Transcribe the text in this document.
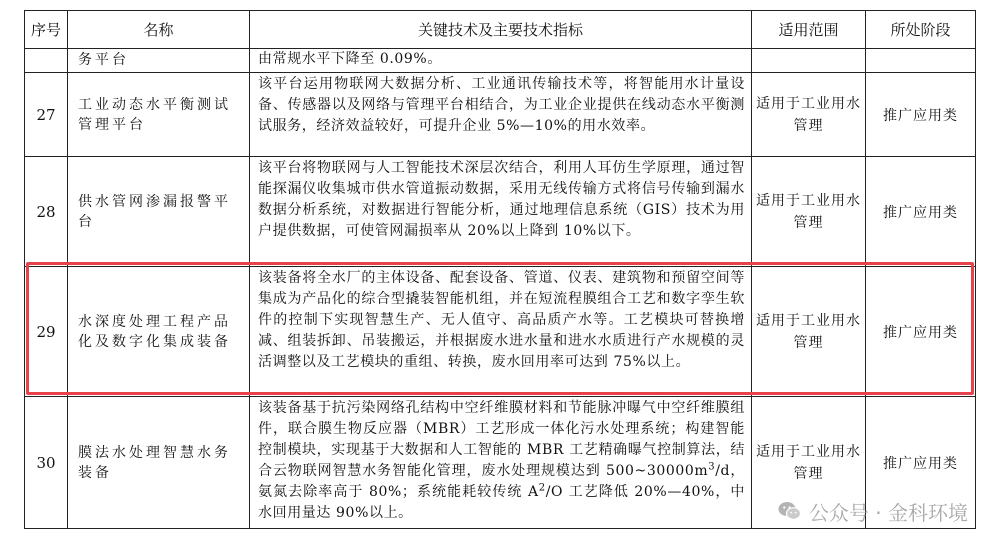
序号	名称	关键技术及主要技术指标	适用范围	所处阶段
	务平台	由常规水平下降至 0.09%。		
27	工业动态水平衡测试管理平台	该平台运用物联网大数据分析、工业通讯传输技术等，将智能用水计量设备、传感器以及网络与管理平台相结合，为工业企业提供在线动态水平衡测试服务，经济效益较好，可提升企业 5%—10%的用水效率。	适用于工业用水管理	推广应用类
28	供水管网渗漏报警平台	该平台将物联网与人工智能技术深层次结合，利用人耳仿生学原理，通过智能探漏仪收集城市供水管道振动数据，采用无线传输方式将信号传输到漏水数据分析系统，对数据进行智能分析，通过地理信息系统（GIS）技术为用户提供数据，可使管网漏损率从 20%以上降到 10%以下。	适用于工业用水管理	推广应用类
29	水深度处理工程产品化及数字化集成装备	该装备将全水厂的主体设备、配套设备、管道、仪表、建筑物和预留空间等集成为产品化的综合型撬装智能机组，并在短流程膜组合工艺和数字孪生软件的控制下实现智慧生产、无人值守、高品质产水等。工艺模块可替换增减、组装拆卸、吊装搬运，并根据废水进水量和进水水质进行产水规模的灵活调整以及工艺模块的重组、转换，废水回用率可达到 75%以上。	适用于工业用水管理	推广应用类
30	膜法水处理智慧水务装备	该装备基于抗污染网络孔结构中空纤维膜材料和节能脉冲曝气中空纤维膜组件，联合膜生物反应器（MBR）工艺形成一体化污水处理系统；构建智能控制模块，实现基于大数据和人工智能的 MBR 工艺精确曝气控制算法，结合云物联网智慧水务智能化管理，废水处理规模达到 $500\sim 30000m^3/d$，氨氮去除率高于 80%；系统能耗较传统 $A^2/O$ 工艺降低 20%—40%，中水回用量达 90%以上。	适用于工业用水管理	推广应用类
公众号 · 金科环境
